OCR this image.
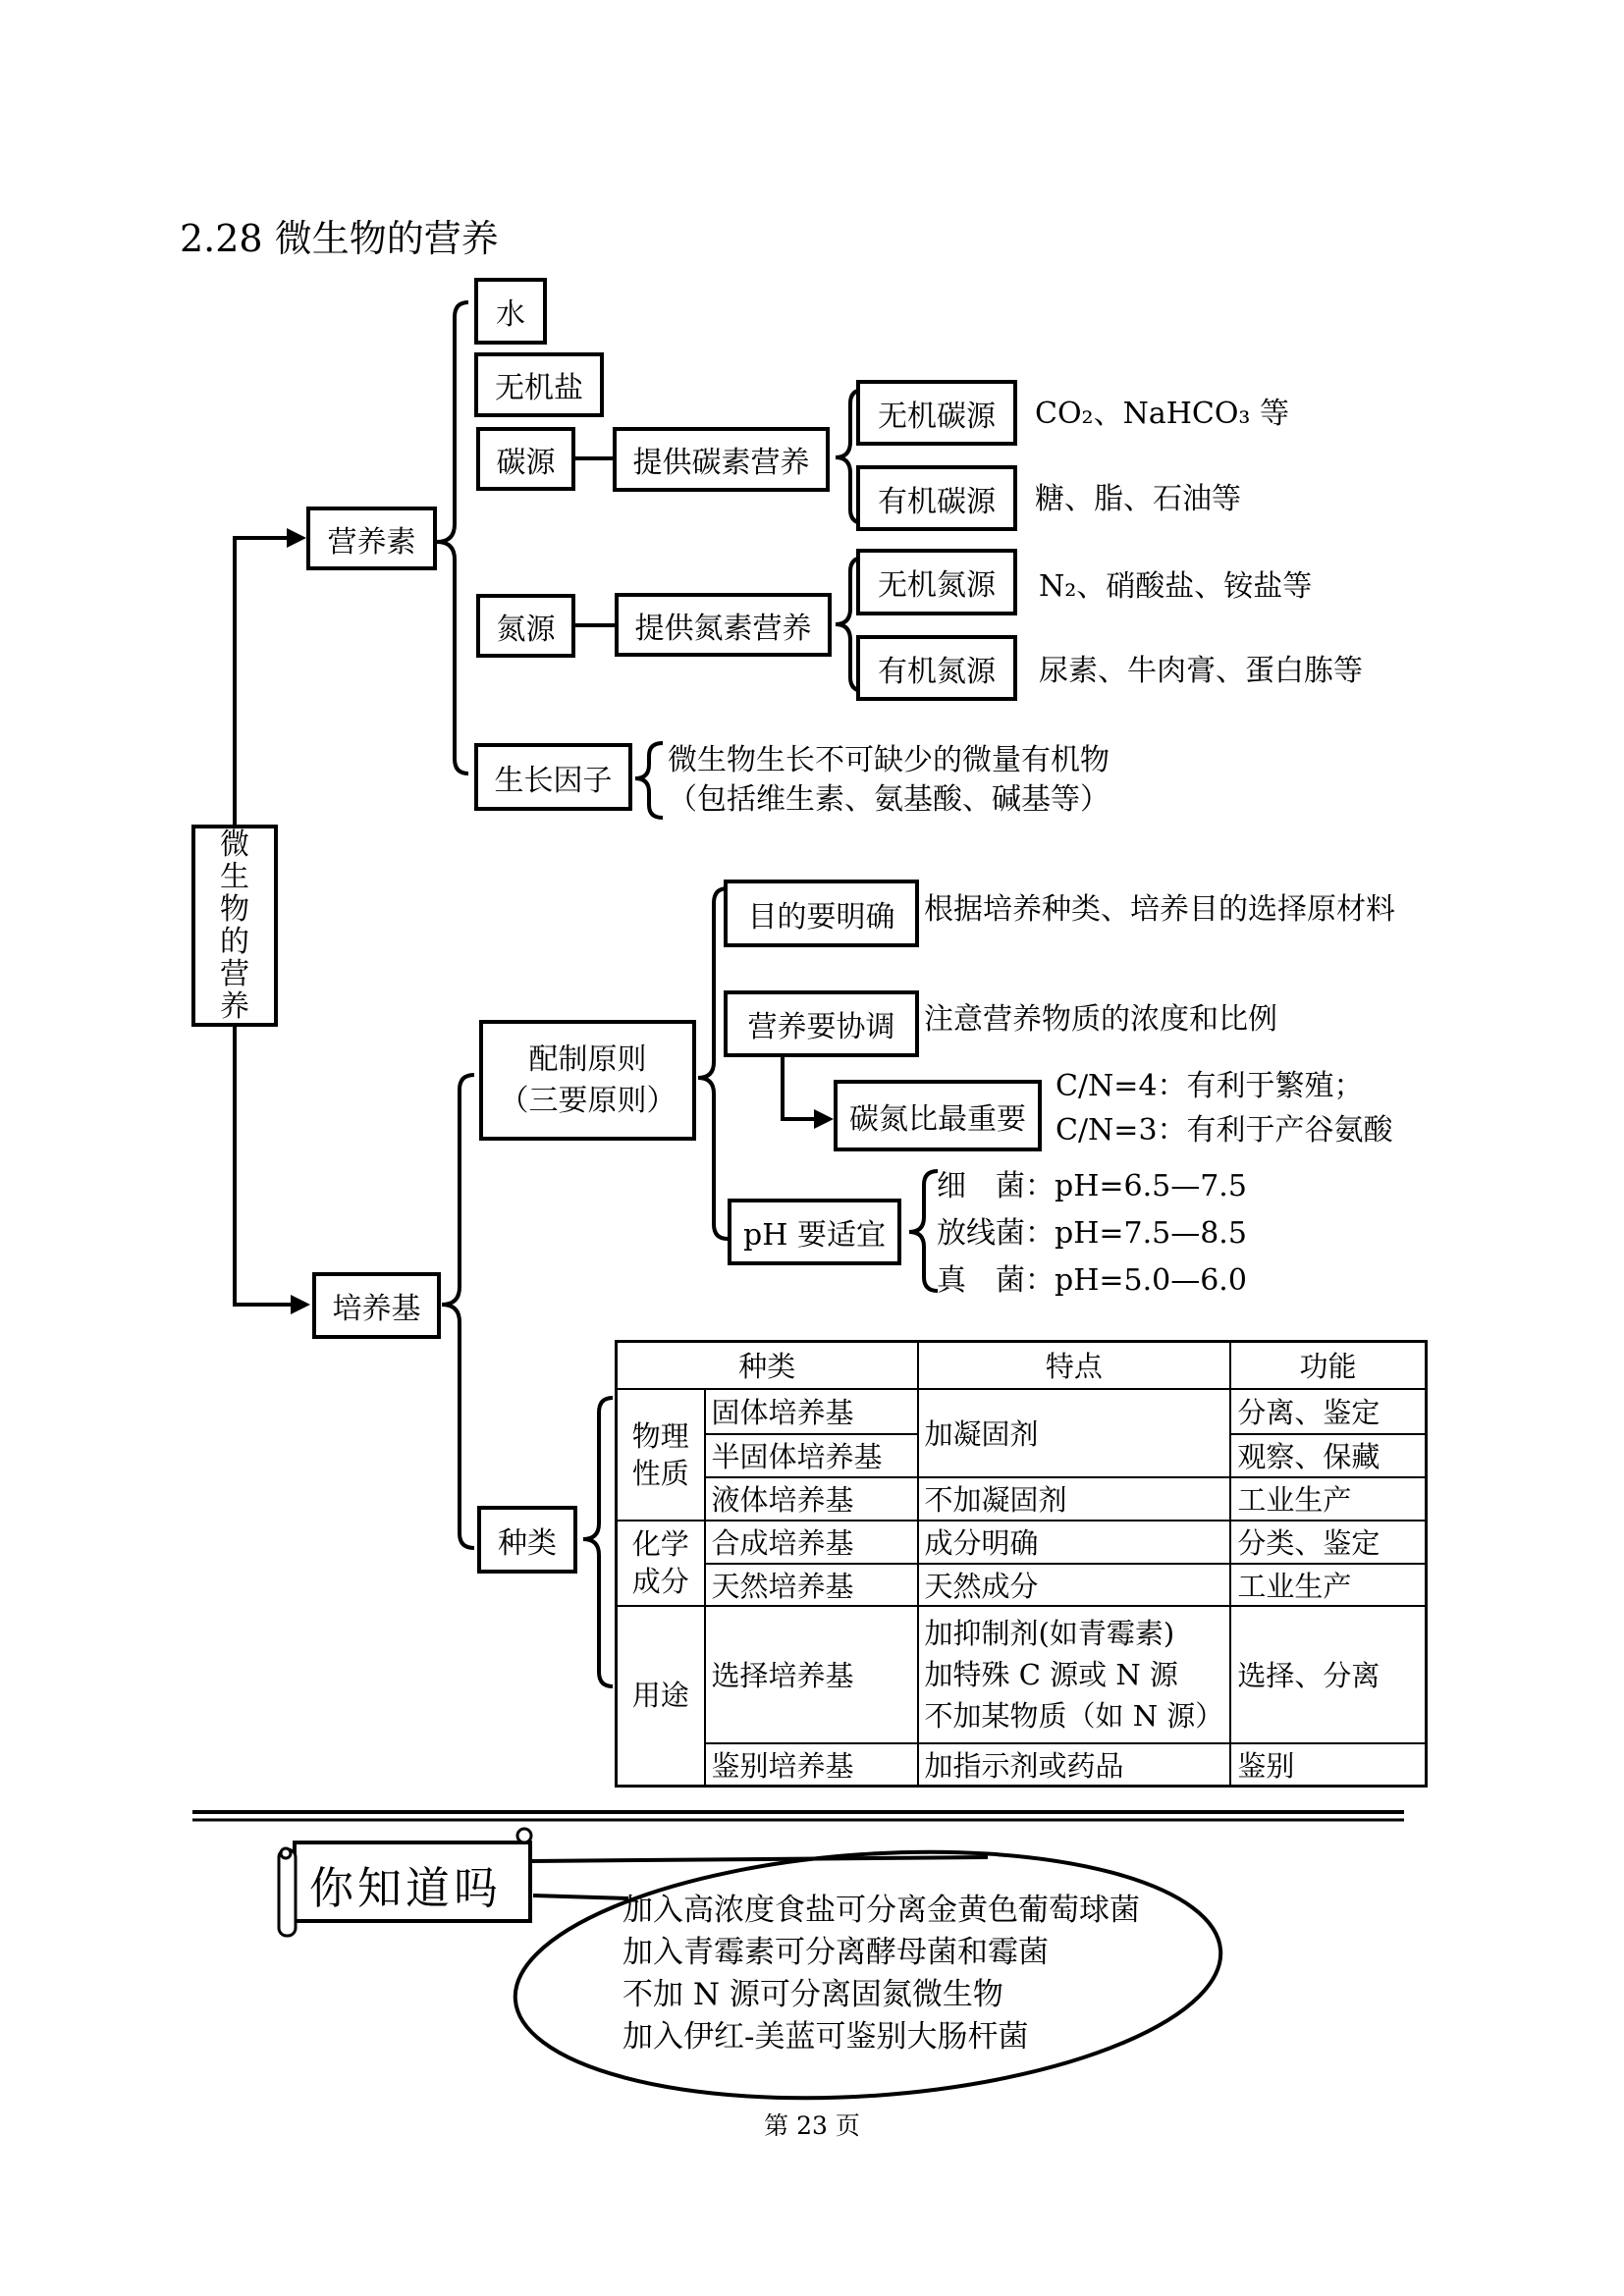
2.28 微生物的营养
水
无机盐
碳源	提供碳素营养
无机碳源	CO₂、NaHCO₃ 等
有机碳源	糖、脂、石油等
营养素
氮源	提供氮素营养
无机氮源	N₂、硝酸盐、铵盐等
有机氮源	尿素、牛肉膏、蛋白胨等
生长因子
微生物生长不可缺少的微量有机物
（包括维生素、氨基酸、碱基等）
微生物的营养
配制原则
（三要原则）
目的要明确 根据培养种类、培养目的选择原材料
营养要协调 注意营养物质的浓度和比例
碳氮比最重要
C/N=4：有利于繁殖；
C/N=3：有利于产谷氨酸
pH 要适宜
细　菌：pH=6.5—7.5
放线菌：pH=7.5—8.5
真　菌：pH=5.0—6.0
培养基
种类
种类		特点	功能
物理性质	固体培养基	加凝固剂	分离、鉴定
	半固体培养基		观察、保藏
	液体培养基	不加凝固剂	工业生产
化学成分	合成培养基	成分明确	分类、鉴定
	天然培养基	天然成分	工业生产
用途	选择培养基	加抑制剂(如青霉素)
加特殊 C 源或 N 源
不加某物质（如 N 源）	选择、分离
	鉴别培养基	加指示剂或药品	鉴别
你知道吗	加入高浓度食盐可分离金黄色葡萄球菌
加入青霉素可分离酵母菌和霉菌
不加 N 源可分离固氮微生物
加入伊红-美蓝可鉴别大肠杆菌
第 23 页
